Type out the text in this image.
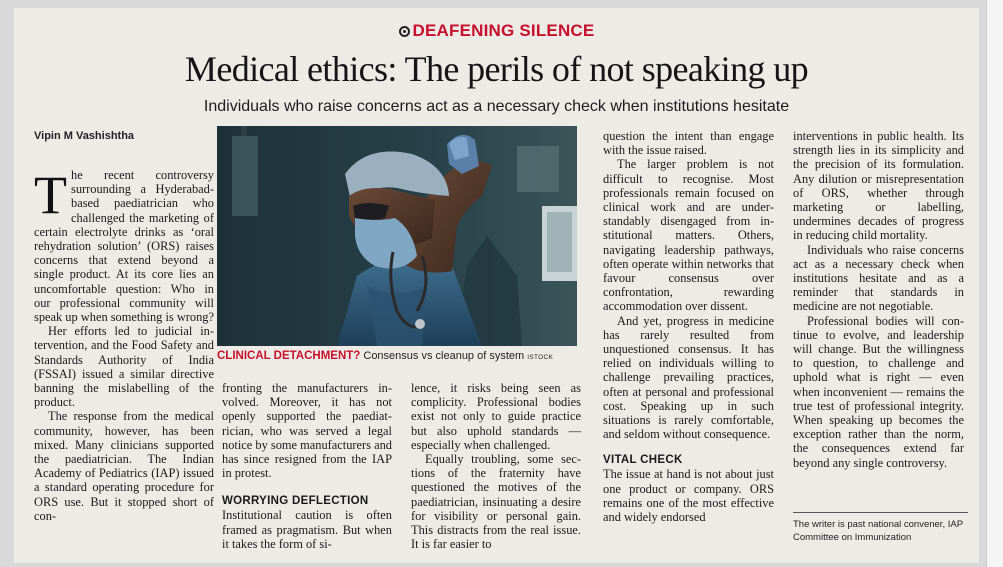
DEAFENING SILENCE
Medical ethics: The perils of not speaking up
Individuals who raise concerns act as a necessary check when institutions hesitate
Vipin M Vashishtha

The recent controversy surrounding a Hyderabad-based paediatrician who challenged the marketing of certain electrolyte drinks as ‘oral rehydration solution’ (ORS) raises concerns that extend beyond a single product. At its core lies an uncomfortable question: Who in our professional community will speak up when something is wrong?

Her efforts led to judicial intervention, and the Food Safety and Standards Authority of India (FSSAI) issued a similar directive banning the mislabelling of the product.

The response from the medical community, however, has been mixed. Many clinicians supported the paediatrician. The Indian Academy of Pediatrics (IAP) issued a standard operating procedure for ORS use. But it stopped short of con-

CLINICAL DETACHMENT? Consensus vs cleanup of system ISTOCK

fronting the manufacturers involved. Moreover, it has not openly supported the paediatrician, who was served a legal notice by some manufacturers and has since resigned from the IAP in protest.

WORRYING DEFLECTION

Institutional caution is often framed as pragmatism. But when it takes the form of si-

lence, it risks being seen as complicity. Professional bodies exist not only to guide practice but also uphold standards — especially when challenged.

Equally troubling, some sections of the fraternity have questioned the motives of the paediatrician, insinuating a desire for visibility or personal gain. This distracts from the real issue. It is far easier to

question the intent than engage with the issue raised.

The larger problem is not difficult to recognise. Most professionals remain focused on clinical work and are understandably disengaged from institutional matters. Others, navigating leadership pathways, often operate within networks that favour consensus over confrontation, rewarding accommodation over dissent.

And yet, progress in medicine has rarely resulted from unquestioned consensus. It has relied on individuals willing to challenge prevailing practices, often at personal and professional cost. Speaking up in such situations is rarely comfortable, and seldom without consequence.

VITAL CHECK

The issue at hand is not about just one product or company. ORS remains one of the most effective and widely endorsed

interventions in public health. Its strength lies in its simplicity and the precision of its formulation. Any dilution or misrepresentation of ORS, whether through marketing or labelling, undermines decades of progress in reducing child mortality.

Individuals who raise concerns act as a necessary check when institutions hesitate and as a reminder that standards in medicine are not negotiable.

Professional bodies will continue to evolve, and leadership will change. But the willingness to question, to challenge and uphold what is right — even when inconvenient — remains the true test of professional integrity. When speaking up becomes the exception rather than the norm, the consequences extend far beyond any single controversy.

The writer is past national convener, IAP Committee on Immunization
